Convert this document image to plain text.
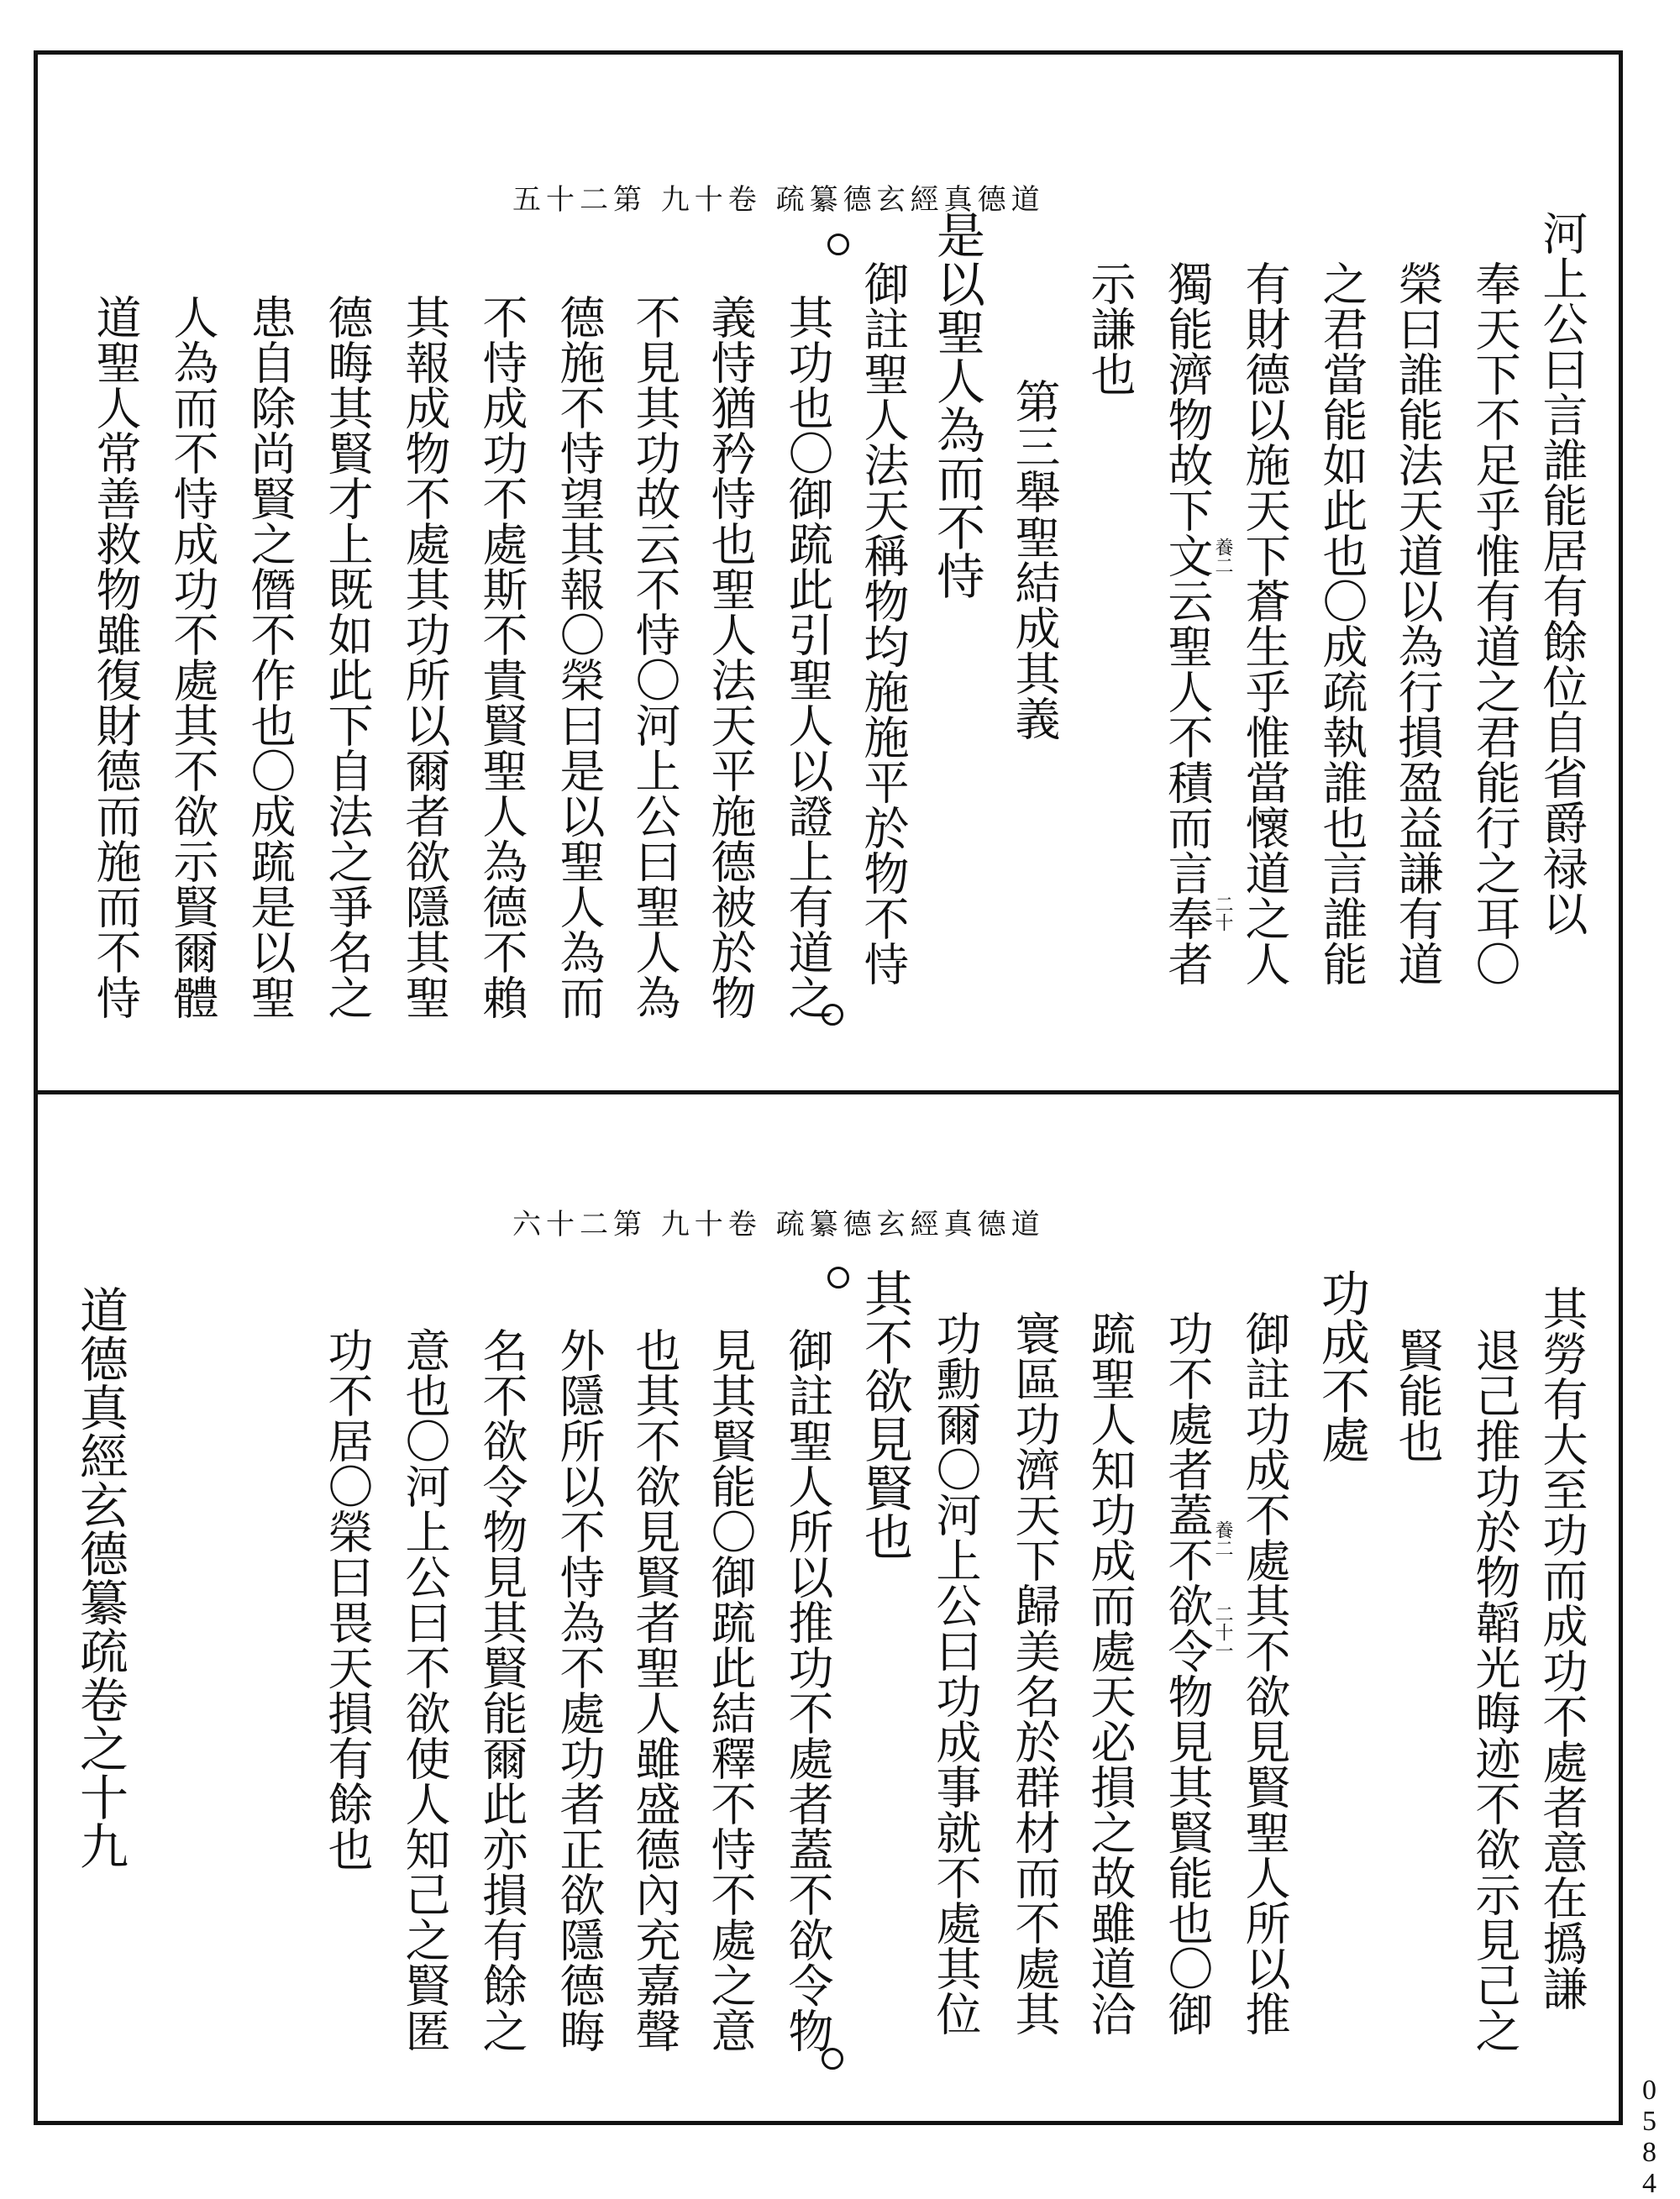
道德真經玄德纂疏 卷十九 第二十五
河上公曰言誰能居有餘位自省爵禄以
奉天下不足乎惟有道之君能行之耳〇
榮曰誰能法天道以為行損盈益謙有道
之君當能如此也〇成疏執誰也言誰能
有財德以施天下蒼生乎惟當懷道之人
獨能濟物故下文云聖人不積而言奉者
示謙也
第三舉聖結成其義
是以聖人為而不恃
御註聖人法天稱物均施施平於物不恃
其功也〇御䟽此引聖人以證上有道之
義恃猶矜恃也聖人法天平施德被於物
不見其功故云不恃〇河上公曰聖人為
德施不恃望其報〇榮曰是以聖人為而
不恃成功不處斯不貴賢聖人為德不賴
其報成物不處其功所以爾者欲隱其聖
德晦其賢才上既如此下自法之爭名之
患自除尚賢之僭不作也〇成䟽是以聖
人為而不恃成功不處其不欲示賢爾體
道聖人常善救物雖復財德而施而不恃	養二
二十
道德真經玄德纂疏 卷十九 第二十六
其勞有大至功而成功不處者意在撝謙
退己推功於物韜光晦迹不欲示見己之
賢能也
功成不處
御註功成不處其不欲見賢聖人所以推
功不處者蓋不欲令物見其賢能也〇御
䟽聖人知功成而處天必損之故雖道洽
寰區功濟天下歸美名於群材而不處其
功勳爾〇河上公曰功成事就不處其位
其不欲見賢也
御註聖人所以推功不處者蓋不欲令物
見其賢能〇御䟽此結釋不恃不處之意
也其不欲見賢者聖人雖盛德內充嘉聲
外隱所以不恃為不處功者正欲隱德晦
名不欲令物見其賢能爾此亦損有餘之
意也〇河上公曰不欲使人知己之賢匿
功不居〇榮曰畏天損有餘也
道德真經玄德纂疏卷之十九	養二
二十一
0584
